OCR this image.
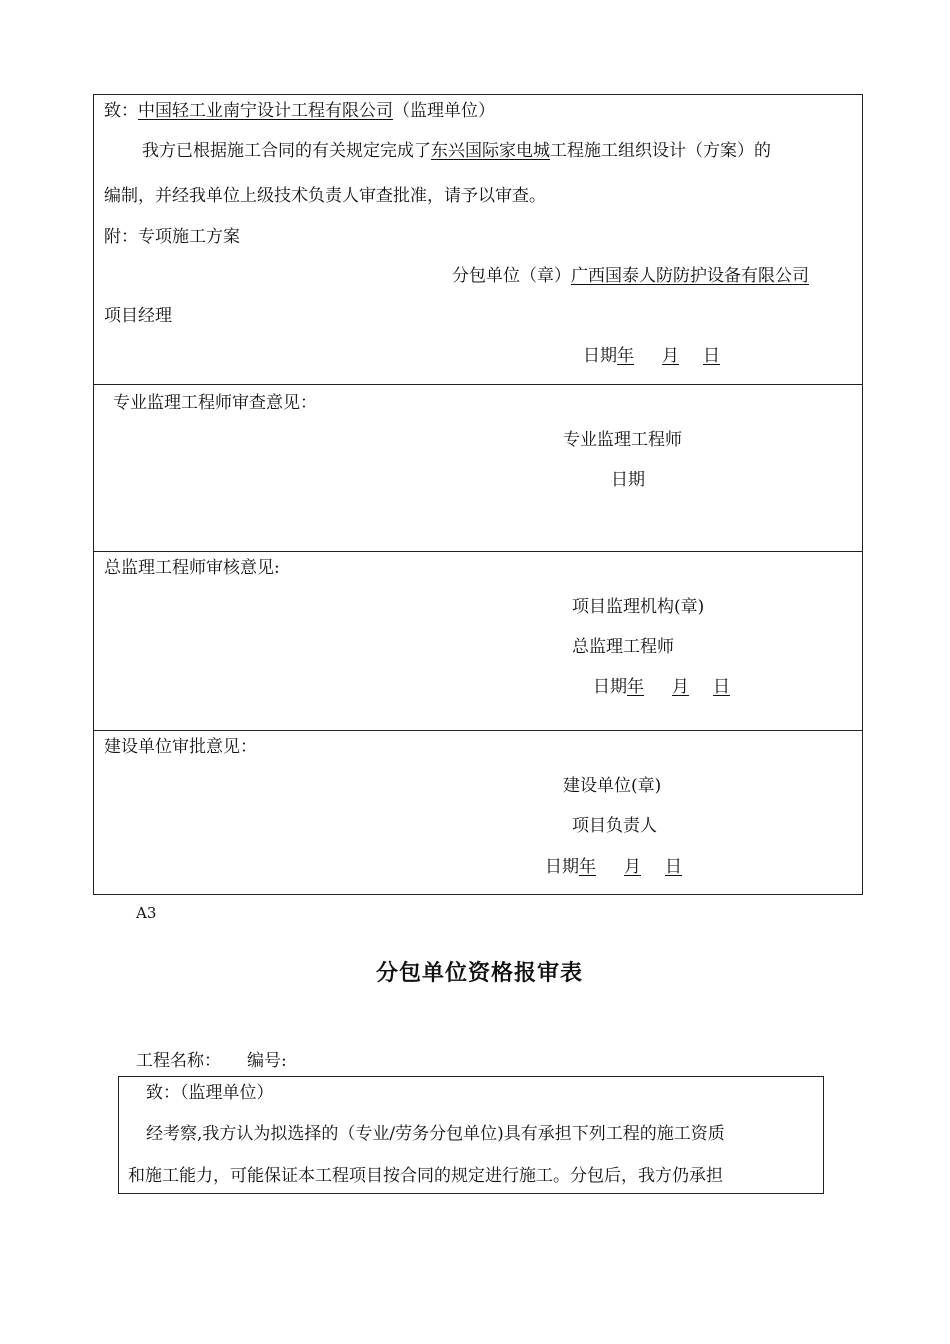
致：中国轻工业南宁设计工程有限公司（监理单位）
我方已根据施工合同的有关规定完成了东兴国际家电城工程施工组织设计（方案）的
编制，并经我单位上级技术负责人审查批准，请予以审查。
附：专项施工方案
分包单位（章）广西国泰人防防护设备有限公司
项目经理
日期年 月 日
专业监理工程师审查意见：
专业监理工程师
日期
总监理工程师审核意见:
项目监理机构(章)
总监理工程师
日期年 月 日
建设单位审批意见：
建设单位(章)
项目负责人
日期年 月 日
A3
分包单位资格报审表
工程名称： 编号:
致：（监理单位）
经考察,我方认为拟选择的（专业/劳务分包单位)具有承担下列工程的施工资质
和施工能力，可能保证本工程项目按合同的规定进行施工。分包后，我方仍承担
